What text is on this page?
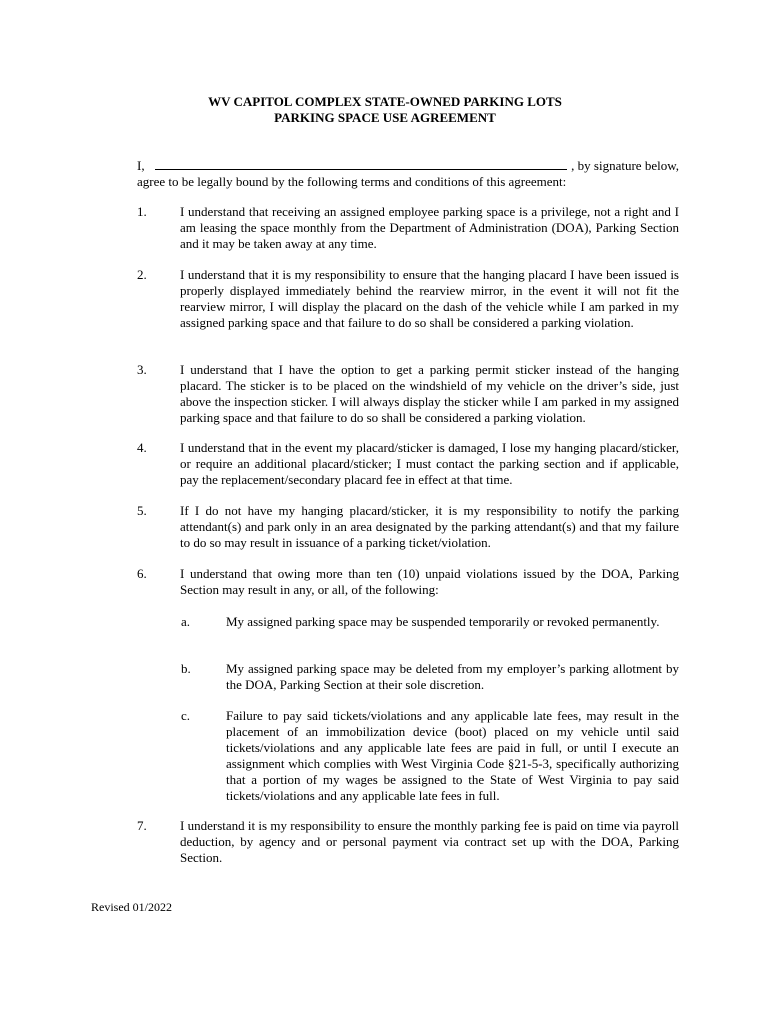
WV CAPITOL COMPLEX STATE-OWNED PARKING LOTS
PARKING SPACE USE AGREEMENT
I,	, by signature below,
agree to be legally bound by the following terms and conditions of this agreement:
1.	I understand that receiving an assigned employee parking space is a privilege, not a right and I am leasing the space monthly from the Department of Administration (DOA), Parking Section and it may be taken away at any time.
2.	I understand that it is my responsibility to ensure that the hanging placard I have been issued is properly displayed immediately behind the rearview mirror, in the event it will not fit the rearview mirror, I will display the placard on the dash of the vehicle while I am parked in my assigned parking space and that failure to do so shall be considered a parking violation.
3.	I understand that I have the option to get a parking permit sticker instead of the hanging placard. The sticker is to be placed on the windshield of my vehicle on the driver’s side, just above the inspection sticker. I will always display the sticker while I am parked in my assigned parking space and that failure to do so shall be considered a parking violation.
4.	I understand that in the event my placard/sticker is damaged, I lose my hanging placard/sticker, or require an additional placard/sticker; I must contact the parking section and if applicable, pay the replacement/secondary placard fee in effect at that time.
5.	If I do not have my hanging placard/sticker, it is my responsibility to notify the parking attendant(s) and park only in an area designated by the parking attendant(s) and that my failure to do so may result in issuance of a parking ticket/violation.
6.	I understand that owing more than ten (10) unpaid violations issued by the DOA, Parking Section may result in any, or all, of the following:
a.	My assigned parking space may be suspended temporarily or revoked permanently.
b.	My assigned parking space may be deleted from my employer’s parking allotment by the DOA, Parking Section at their sole discretion.
c.	Failure to pay said tickets/violations and any applicable late fees, may result in the placement of an immobilization device (boot) placed on my vehicle until said tickets/violations and any applicable late fees are paid in full, or until I execute an assignment which complies with West Virginia Code §21-5-3, specifically authorizing that a portion of my wages be assigned to the State of West Virginia to pay said tickets/violations and any applicable late fees in full.
7.	I understand it is my responsibility to ensure the monthly parking fee is paid on time via payroll deduction, by agency and or personal payment via contract set up with the DOA, Parking Section.
Revised 01/2022
